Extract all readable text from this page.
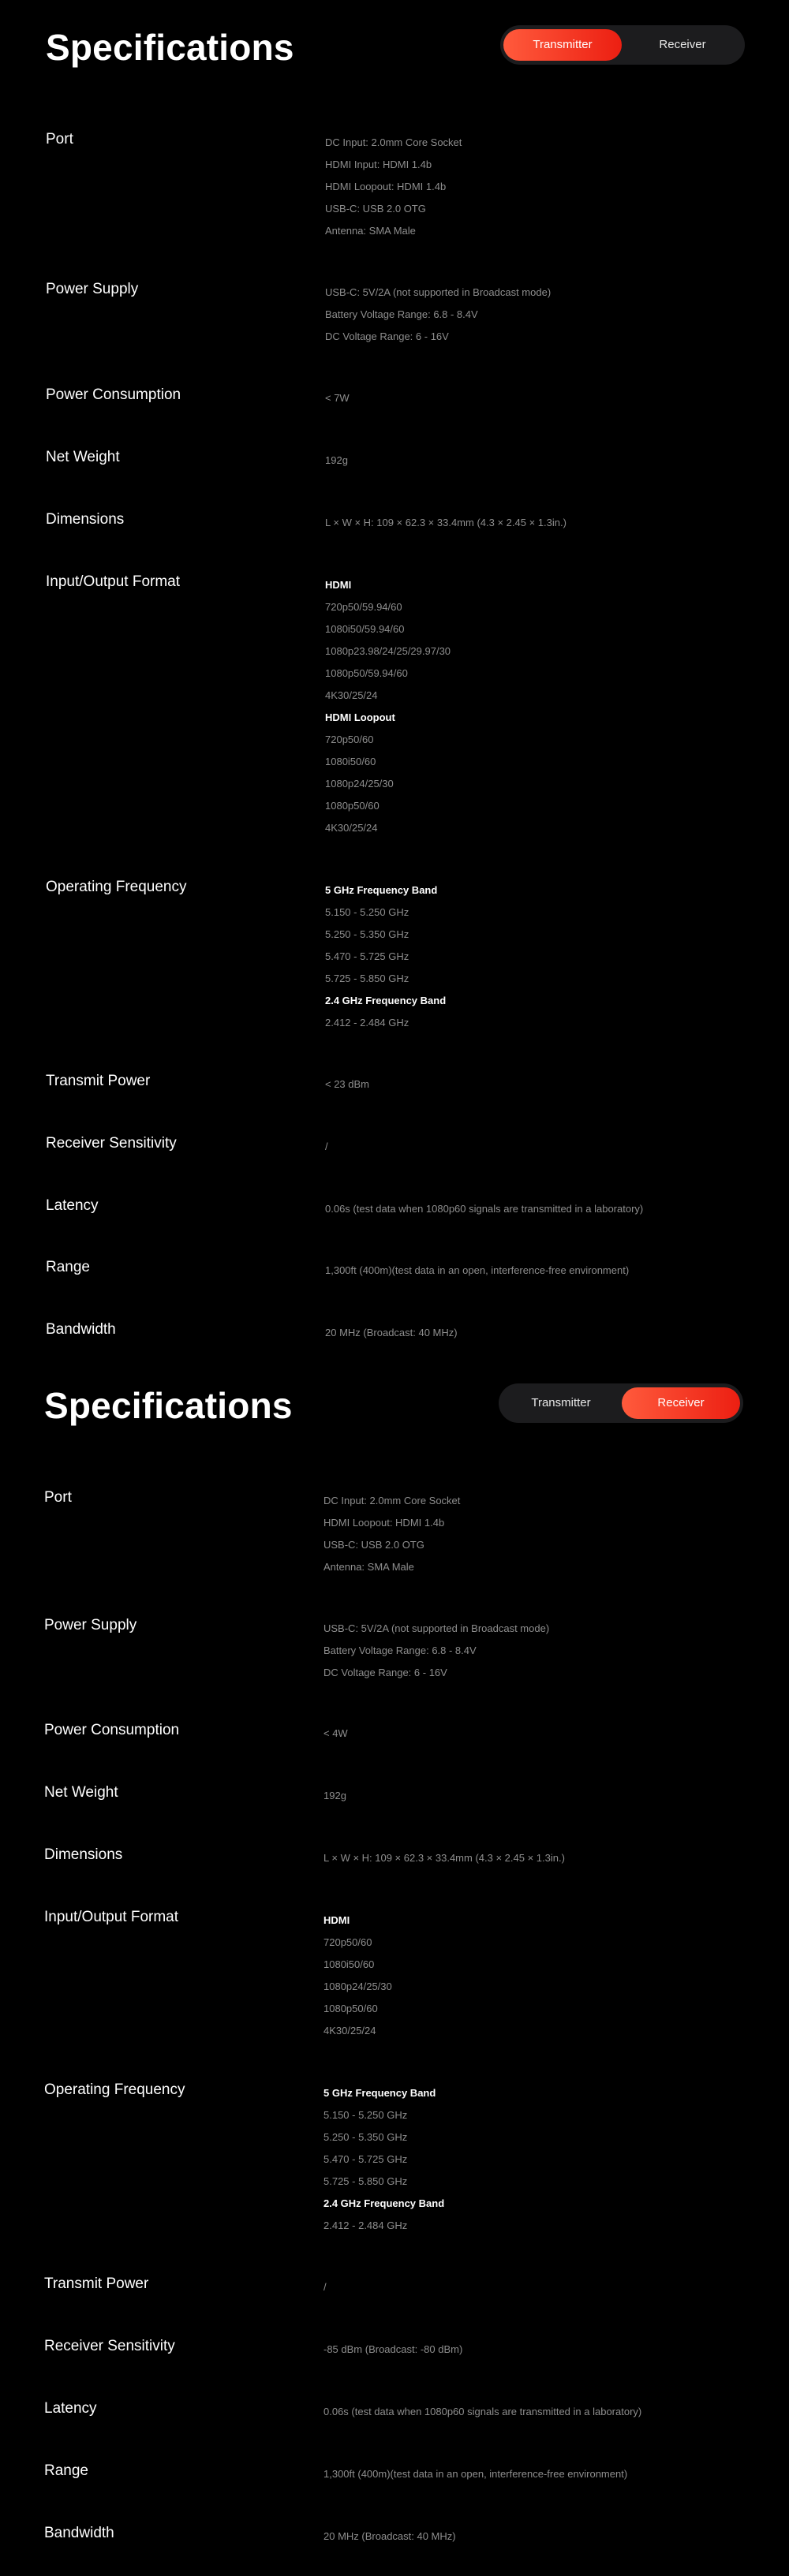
Specifications	Transmitter	Receiver
Port	DC Input: 2.0mm Core Socket
HDMI Input: HDMI 1.4b
HDMI Loopout: HDMI 1.4b
USB-C: USB 2.0 OTG
Antenna: SMA Male
Power Supply	USB-C: 5V/2A (not supported in Broadcast mode)
Battery Voltage Range: 6.8 - 8.4V
DC Voltage Range: 6 - 16V
Power Consumption	< 7W
Net Weight	192g
Dimensions	L × W × H: 109 × 62.3 × 33.4mm (4.3 × 2.45 × 1.3in.)
Input/Output Format	HDMI
720p50/59.94/60
1080i50/59.94/60
1080p23.98/24/25/29.97/30
1080p50/59.94/60
4K30/25/24
HDMI Loopout
720p50/60
1080i50/60
1080p24/25/30
1080p50/60
4K30/25/24
Operating Frequency	5 GHz Frequency Band
5.150 - 5.250 GHz
5.250 - 5.350 GHz
5.470 - 5.725 GHz
5.725 - 5.850 GHz
2.4 GHz Frequency Band
2.412 - 2.484 GHz
Transmit Power	< 23 dBm
Receiver Sensitivity	/
Latency	0.06s (test data when 1080p60 signals are transmitted in a laboratory)
Range	1,300ft (400m)(test data in an open, interference-free environment)
Bandwidth	20 MHz (Broadcast: 40 MHz)
Specifications	Transmitter	Receiver
Port	DC Input: 2.0mm Core Socket
HDMI Loopout: HDMI 1.4b
USB-C: USB 2.0 OTG
Antenna: SMA Male
Power Supply	USB-C: 5V/2A (not supported in Broadcast mode)
Battery Voltage Range: 6.8 - 8.4V
DC Voltage Range: 6 - 16V
Power Consumption	< 4W
Net Weight	192g
Dimensions	L × W × H: 109 × 62.3 × 33.4mm (4.3 × 2.45 × 1.3in.)
Input/Output Format	HDMI
720p50/60
1080i50/60
1080p24/25/30
1080p50/60
4K30/25/24
Operating Frequency	5 GHz Frequency Band
5.150 - 5.250 GHz
5.250 - 5.350 GHz
5.470 - 5.725 GHz
5.725 - 5.850 GHz
2.4 GHz Frequency Band
2.412 - 2.484 GHz
Transmit Power	/
Receiver Sensitivity	-85 dBm (Broadcast: -80 dBm)
Latency	0.06s (test data when 1080p60 signals are transmitted in a laboratory)
Range	1,300ft (400m)(test data in an open, interference-free environment)
Bandwidth	20 MHz (Broadcast: 40 MHz)
